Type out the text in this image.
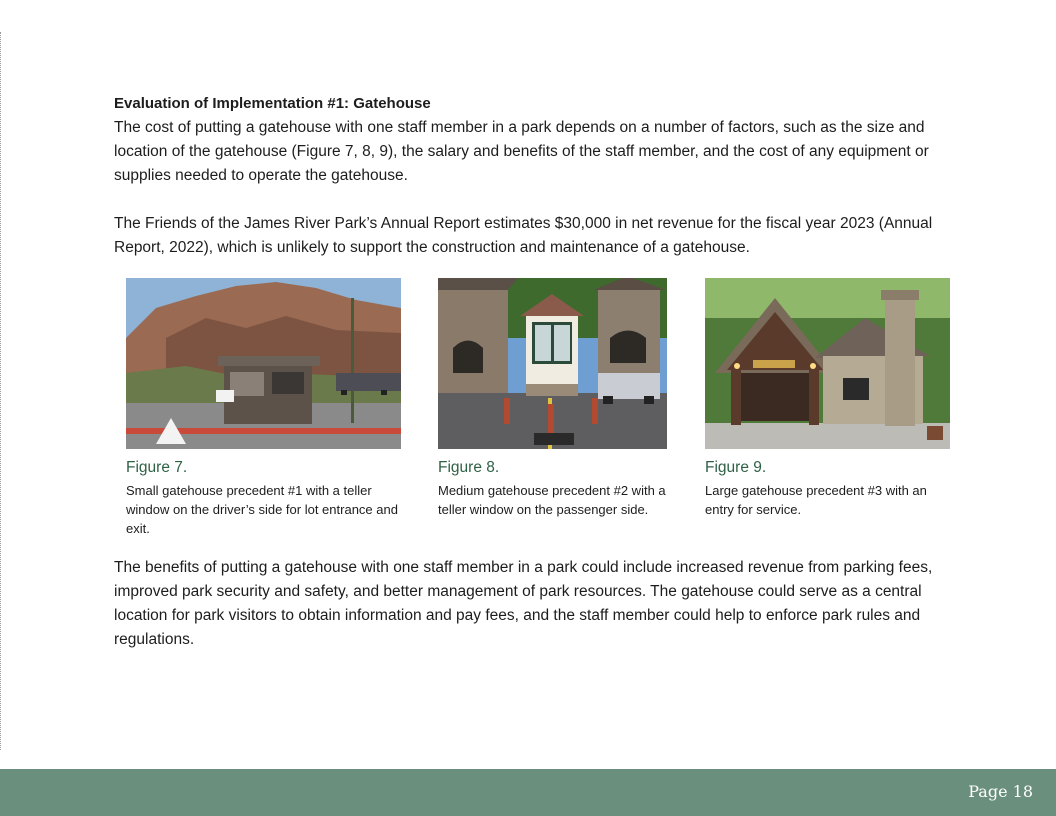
Evaluation of Implementation #1: Gatehouse

The cost of putting a gatehouse with one staff member in a park depends on a number of factors, such as the size and location of the gatehouse (Figure 7, 8, 9), the salary and benefits of the staff member, and the cost of any equipment or supplies needed to operate the gatehouse.

The Friends of the James River Park’s Annual Report estimates $30,000 in net revenue for the fiscal year 2023 (Annual Report, 2022), which is unlikely to support the construction and maintenance of a gatehouse.

Figure 7.
Small gatehouse precedent #1 with a teller window on the driver’s side for lot entrance and exit.
Figure 8.
Medium gatehouse precedent #2 with a teller window on the passenger side.
Figure 9.
Large gatehouse precedent #3 with an entry for service.

The benefits of putting a gatehouse with one staff member in a park could include increased revenue from parking fees, improved park security and safety, and better management of park resources. The gatehouse could serve as a central location for park visitors to obtain information and pay fees, and the staff member could help to enforce park rules and regulations.

Page 18
